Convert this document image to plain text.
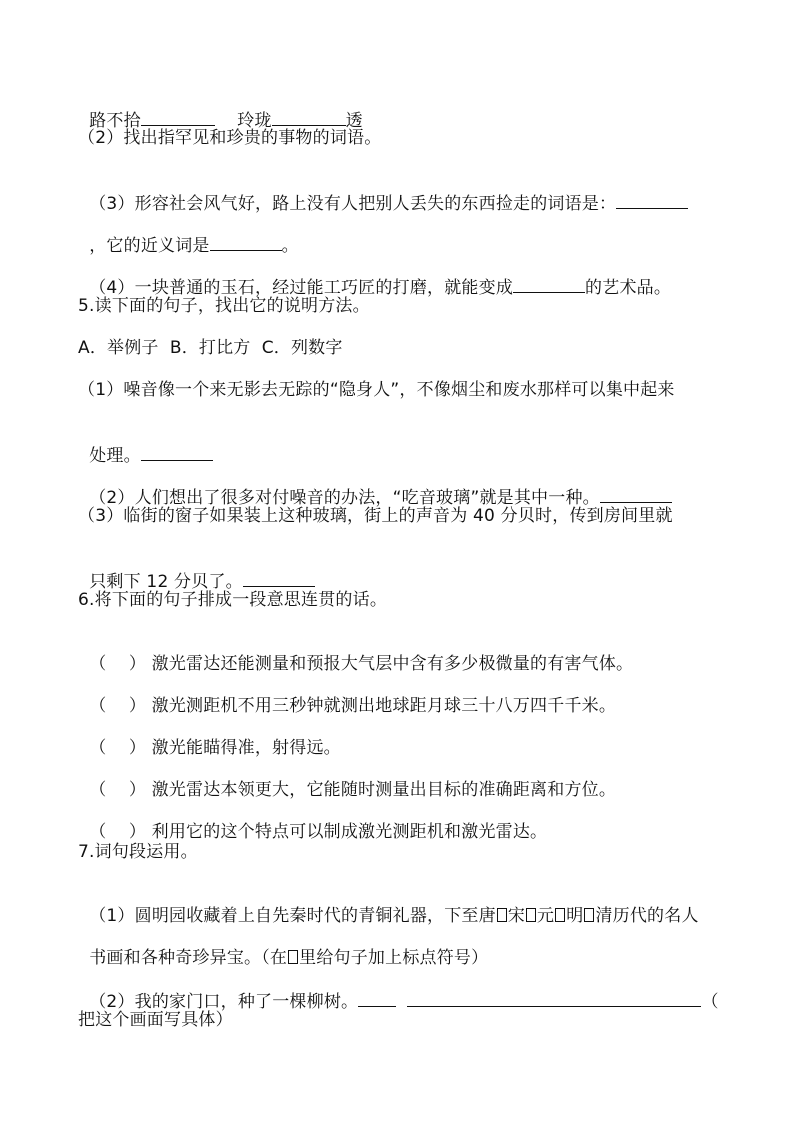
路不拾	玲珑	透

（2）找出指罕见和珍贵的事物的词语。

（3）形容社会风气好，路上没有人把别人丢失的东西捡走的词语是：

，它的近义词是	。

（4）一块普通的玉石，经过能工巧匠的打磨，就能变成	的艺术品。

5.读下面的句子，找出它的说明方法。
A．举例子  B．打比方  C．列数字
（1）噪音像一个来无影去无踪的“隐身人”，不像烟尘和废水那样可以集中起来

处理。

（2）人们想出了很多对付噪音的办法，“吃音玻璃”就是其中一种。

（3）临街的窗子如果装上这种玻璃，街上的声音为 40 分贝时，传到房间里就

只剩下 12 分贝了。

6.将下面的句子排成一段意思连贯的话。

（    ） 激光雷达还能测量和预报大气层中含有多少极微量的有害气体。

（    ） 激光测距机不用三秒钟就测出地球距月球三十八万四千千米。

（    ） 激光能瞄得准，射得远。

（    ） 激光雷达本领更大，它能随时测量出目标的准确距离和方位。

（    ） 利用它的这个特点可以制成激光测距机和激光雷达。

7.词句段运用。

（1）圆明园收藏着上自先秦时代的青铜礼器，下至唐 宋 元 明 清历代的名人

书画和各种奇珍异宝。（在 里给句子加上标点符号）

（2）我的家门口，种了一棵柳树。	（

把这个画面写具体）
